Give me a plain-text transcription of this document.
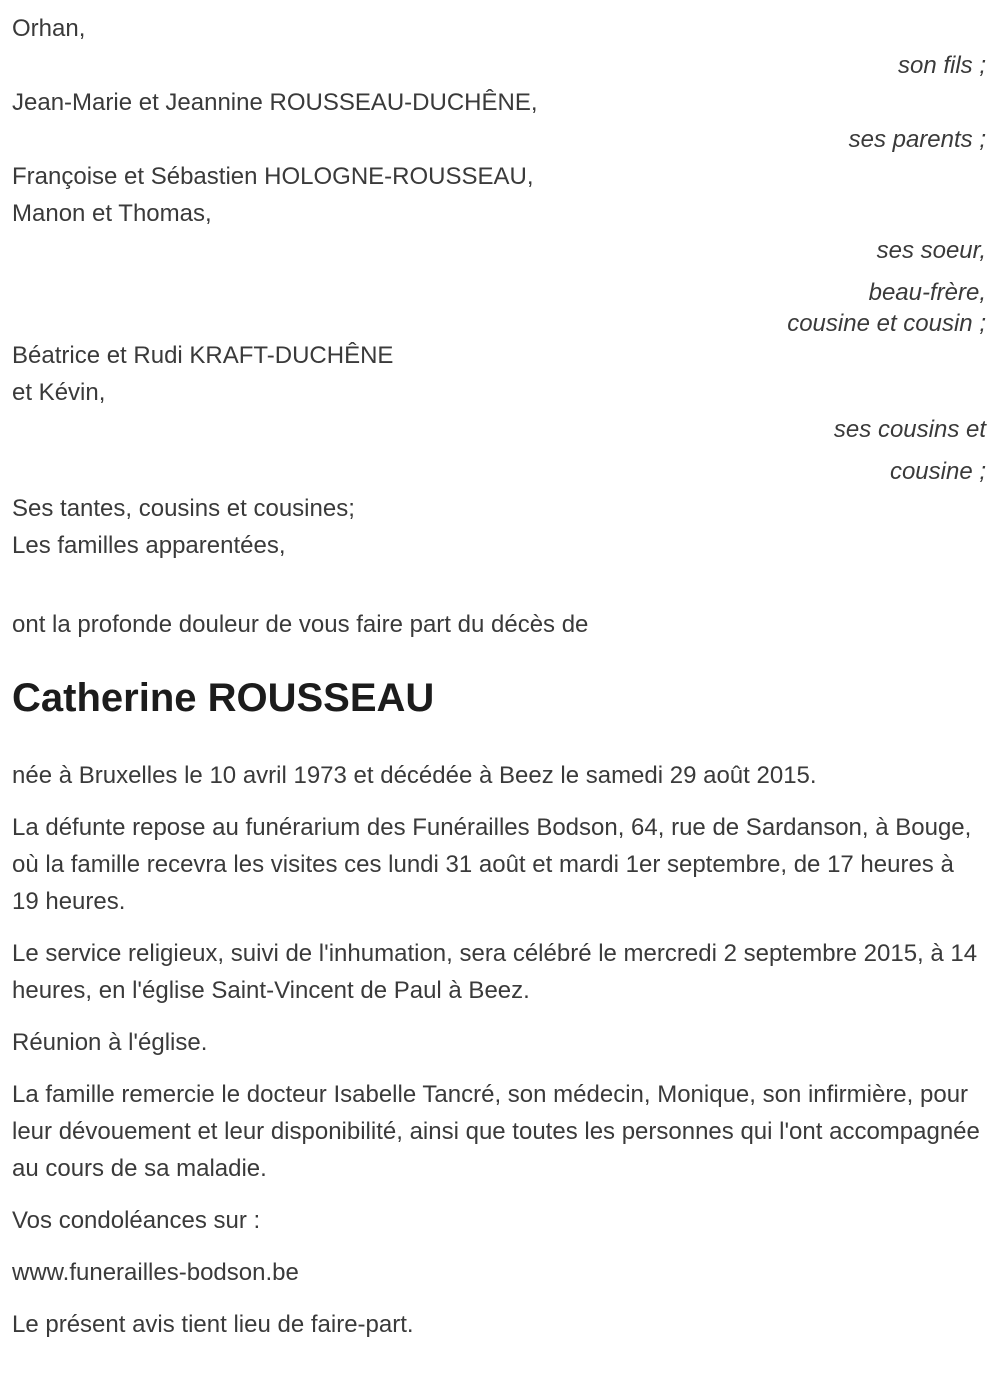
Orhan,

son fils ;

Jean-Marie et Jeannine ROUSSEAU-DUCHÊNE,

ses parents ;

Françoise et Sébastien HOLOGNE-ROUSSEAU,

Manon et Thomas,

ses soeur,

beau-frère,

cousine et cousin ;

Béatrice et Rudi KRAFT-DUCHÊNE

et Kévin,

ses cousins et

cousine ;

Ses tantes, cousins et cousines;

Les familles apparentées,

ont la profonde douleur de vous faire part du décès de

Catherine ROUSSEAU

née à Bruxelles le 10 avril 1973 et décédée à Beez le samedi 29 août 2015.

La défunte repose au funérarium des Funérailles Bodson, 64, rue de Sardanson, à Bouge, où la famille recevra les visites ces lundi 31 août et mardi 1er septembre, de 17 heures à 19 heures.

Le service religieux, suivi de l'inhumation, sera célébré le mercredi 2 septembre 2015, à 14 heures, en l'église Saint-Vincent de Paul à Beez.

Réunion à l'église.

La famille remercie le docteur Isabelle Tancré, son médecin, Monique, son infirmière, pour leur dévouement et leur disponibilité, ainsi que toutes les personnes qui l'ont accompagnée au cours de sa maladie.

Vos condoléances sur :

www.funerailles-bodson.be

Le présent avis tient lieu de faire-part.
